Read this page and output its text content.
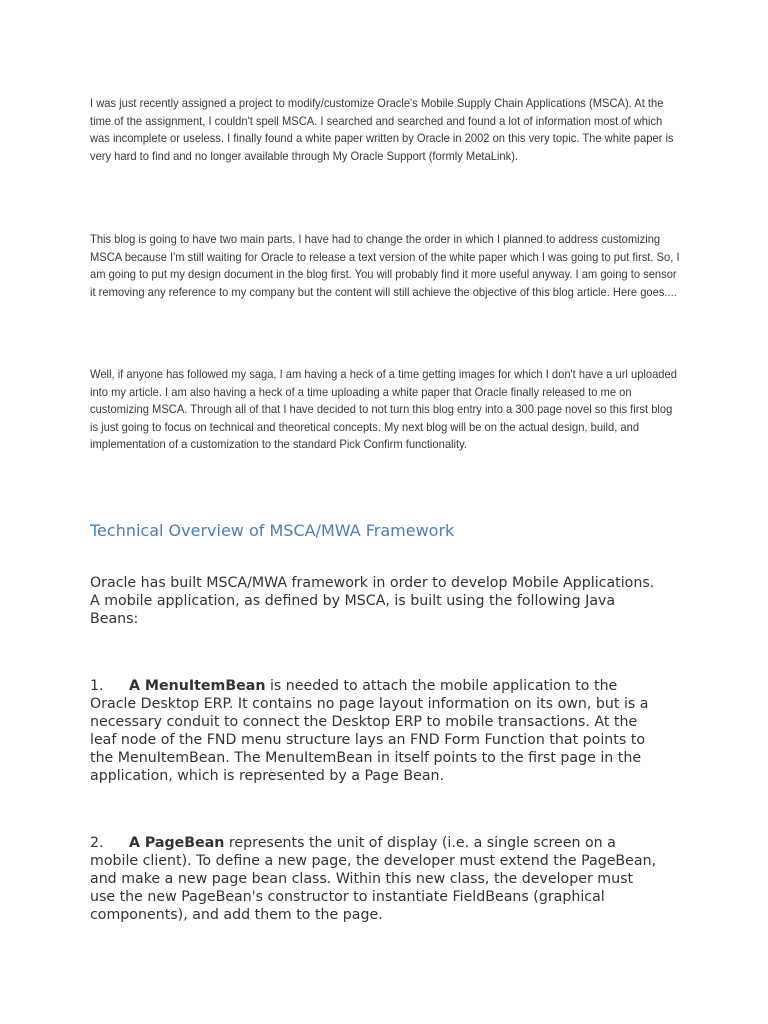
I was just recently assigned a project to modify/customize Oracle's Mobile Supply Chain Applications (MSCA). At the time of the assignment, I couldn't spell MSCA. I searched and searched and found a lot of information most of which was incomplete or useless. I finally found a white paper written by Oracle in 2002 on this very topic. The white paper is very hard to find and no longer available through My Oracle Support (formly MetaLink).

This blog is going to have two main parts. I have had to change the order in which I planned to address customizing MSCA because I'm still waiting for Oracle to release a text version of the white paper which I was going to put first. So, I am going to put my design document in the blog first. You will probably find it more useful anyway. I am going to sensor it removing any reference to my company but the content will still achieve the objective of this blog article. Here goes....

Well, if anyone has followed my saga, I am having a heck of a time getting images for which I don't have a url uploaded into my article. I am also having a heck of a time uploading a white paper that Oracle finally released to me on customizing MSCA. Through all of that I have decided to not turn this blog entry into a 300 page novel so this first blog is just going to focus on technical and theoretical concepts. My next blog will be on the actual design, build, and implementation of a customization to the standard Pick Confirm functionality.

Technical Overview of MSCA/MWA Framework

Oracle has built MSCA/MWA framework in order to develop Mobile Applications. A mobile application, as defined by MSCA, is built using the following Java Beans:

1. A MenuItemBean is needed to attach the mobile application to the Oracle Desktop ERP. It contains no page layout information on its own, but is a necessary conduit to connect the Desktop ERP to mobile transactions. At the leaf node of the FND menu structure lays an FND Form Function that points to the MenuItemBean. The MenuItemBean in itself points to the first page in the application, which is represented by a Page Bean.

2. A PageBean represents the unit of display (i.e. a single screen on a mobile client). To define a new page, the developer must extend the PageBean, and make a new page bean class. Within this new class, the developer must use the new PageBean's constructor to instantiate FieldBeans (graphical components), and add them to the page.
